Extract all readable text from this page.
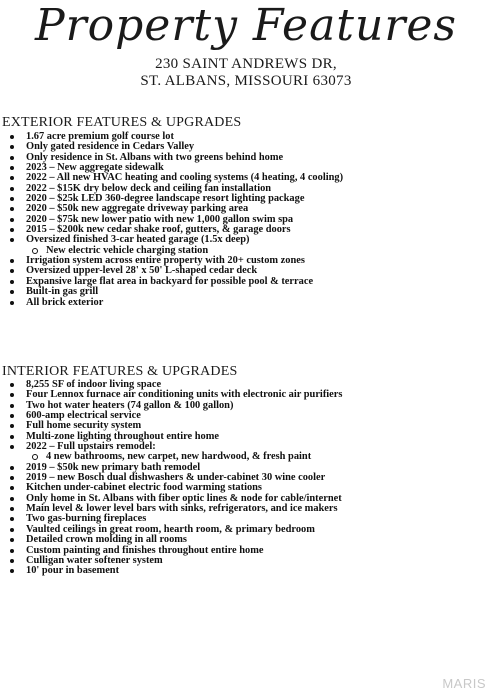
Property Features
230 SAINT ANDREWS DR,
ST. ALBANS, MISSOURI 63073
EXTERIOR FEATURES & UPGRADES
1.67 acre premium golf course lot
Only gated residence in Cedars Valley
Only residence in St. Albans with two greens behind home
2023 – New aggregate sidewalk
2022 – All new HVAC heating and cooling systems (4 heating, 4 cooling)
2022 – $15K dry below deck and ceiling fan installation
2020 – $25k LED 360-degree landscape resort lighting package
2020 – $50k new aggregate driveway parking area
2020 – $75k new lower patio with new 1,000 gallon swim spa
2015 – $200k new cedar shake roof, gutters, & garage doors
Oversized finished 3-car heated garage (1.5x deep)
New electric vehicle charging station
Irrigation system across entire property with 20+ custom zones
Oversized upper-level 28' x 50' L-shaped cedar deck
Expansive large flat area in backyard for possible pool & terrace
Built-in gas grill
All brick exterior
INTERIOR FEATURES & UPGRADES
8,255 SF of indoor living space
Four Lennox furnace air conditioning units with electronic air purifiers
Two hot water heaters (74 gallon & 100 gallon)
600-amp electrical service
Full home security system
Multi-zone lighting throughout entire home
2022 – Full upstairs remodel:
4 new bathrooms, new carpet, new hardwood, & fresh paint
2019 – $50k new primary bath remodel
2019 – new Bosch dual dishwashers & under-cabinet 30 wine cooler
Kitchen under-cabinet electric food warming stations
Only home in St. Albans with fiber optic lines & node for cable/internet
Main level & lower level bars with sinks, refrigerators, and ice makers
Two gas-burning fireplaces
Vaulted ceilings in great room, hearth room, & primary bedroom
Detailed crown molding in all rooms
Custom painting and finishes throughout entire home
Culligan water softener system
10' pour in basement
MARIS
